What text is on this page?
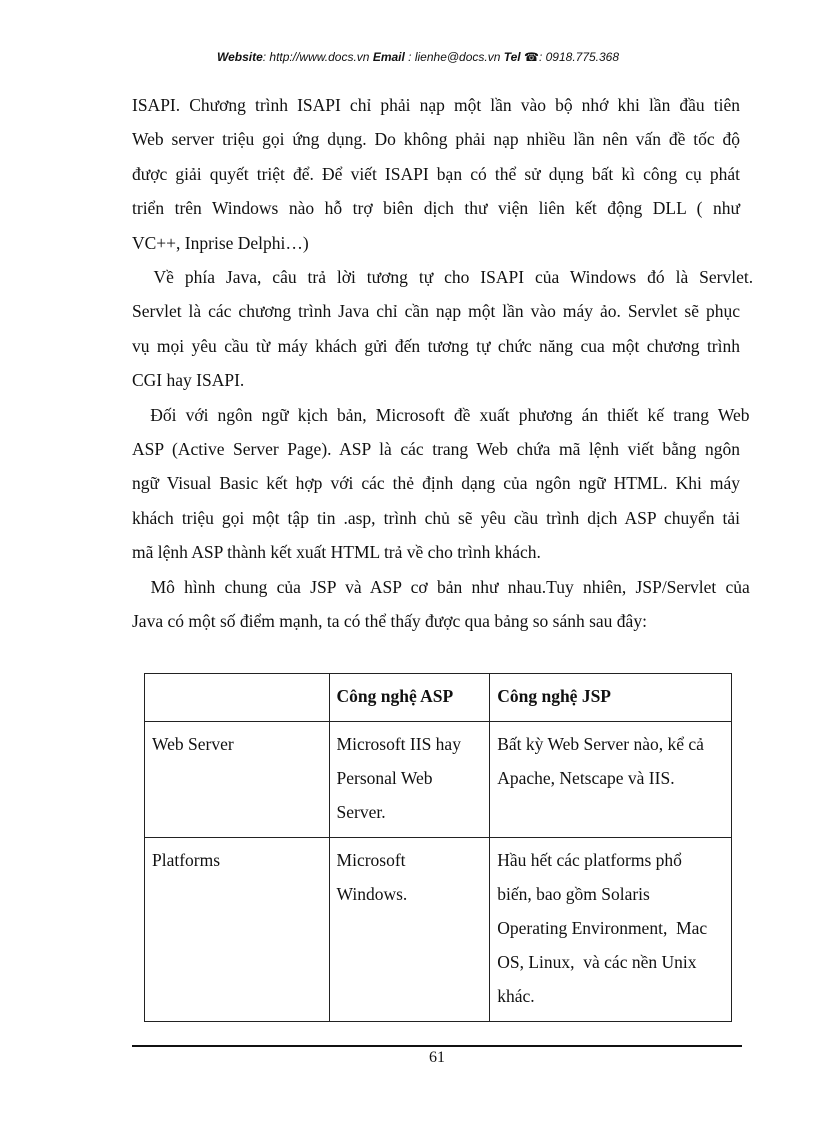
Website: http://www.docs.vn Email : lienhe@docs.vn Tel ☎: 0918.775.368

ISAPI. Chương trình ISAPI chỉ phải nạp một lần vào bộ nhớ khi lần đầu tiên
Web server triệu gọi ứng dụng. Do không phải nạp nhiều lần nên vấn đề tốc độ
được giải quyết triệt để. Để viết ISAPI bạn có thể sử dụng bất kì công cụ phát
triển trên Windows nào hỗ trợ biên dịch thư viện liên kết động DLL ( như
VC++, Inprise Delphi…)

Về phía Java, câu trả lời tương tự cho ISAPI của Windows đó là Servlet.
Servlet là các chương trình Java chỉ cần nạp một lần vào máy ảo. Servlet sẽ phục
vụ mọi yêu cầu từ máy khách gửi đến tương tự chức năng cua một chương trình
CGI hay ISAPI.

Đối với ngôn ngữ kịch bản, Microsoft đề xuất phương án thiết kế trang Web
ASP (Active Server Page). ASP là các trang Web chứa mã lệnh viết bằng ngôn
ngữ Visual Basic kết hợp với các thẻ định dạng của ngôn ngữ HTML. Khi máy
khách triệu gọi một tập tin .asp, trình chủ sẽ yêu cầu trình dịch ASP chuyển tải
mã lệnh ASP thành kết xuất HTML trả về cho trình khách.

Mô hình chung của JSP và ASP cơ bản như nhau.Tuy nhiên, JSP/Servlet của
Java có một số điểm mạnh, ta có thể thấy được qua bảng so sánh sau đây:

	Công nghệ ASP	Công nghệ JSP
Web Server	Microsoft IIS hay
Personal Web
Server.	Bất kỳ Web Server nào, kể cả
Apache, Netscape và IIS.

Platforms	Microsoft
Windows.	Hầu hết các platforms phổ
biến, bao gồm Solaris
Operating Environment,  Mac
OS, Linux,  và các nền Unix
khác.
61
